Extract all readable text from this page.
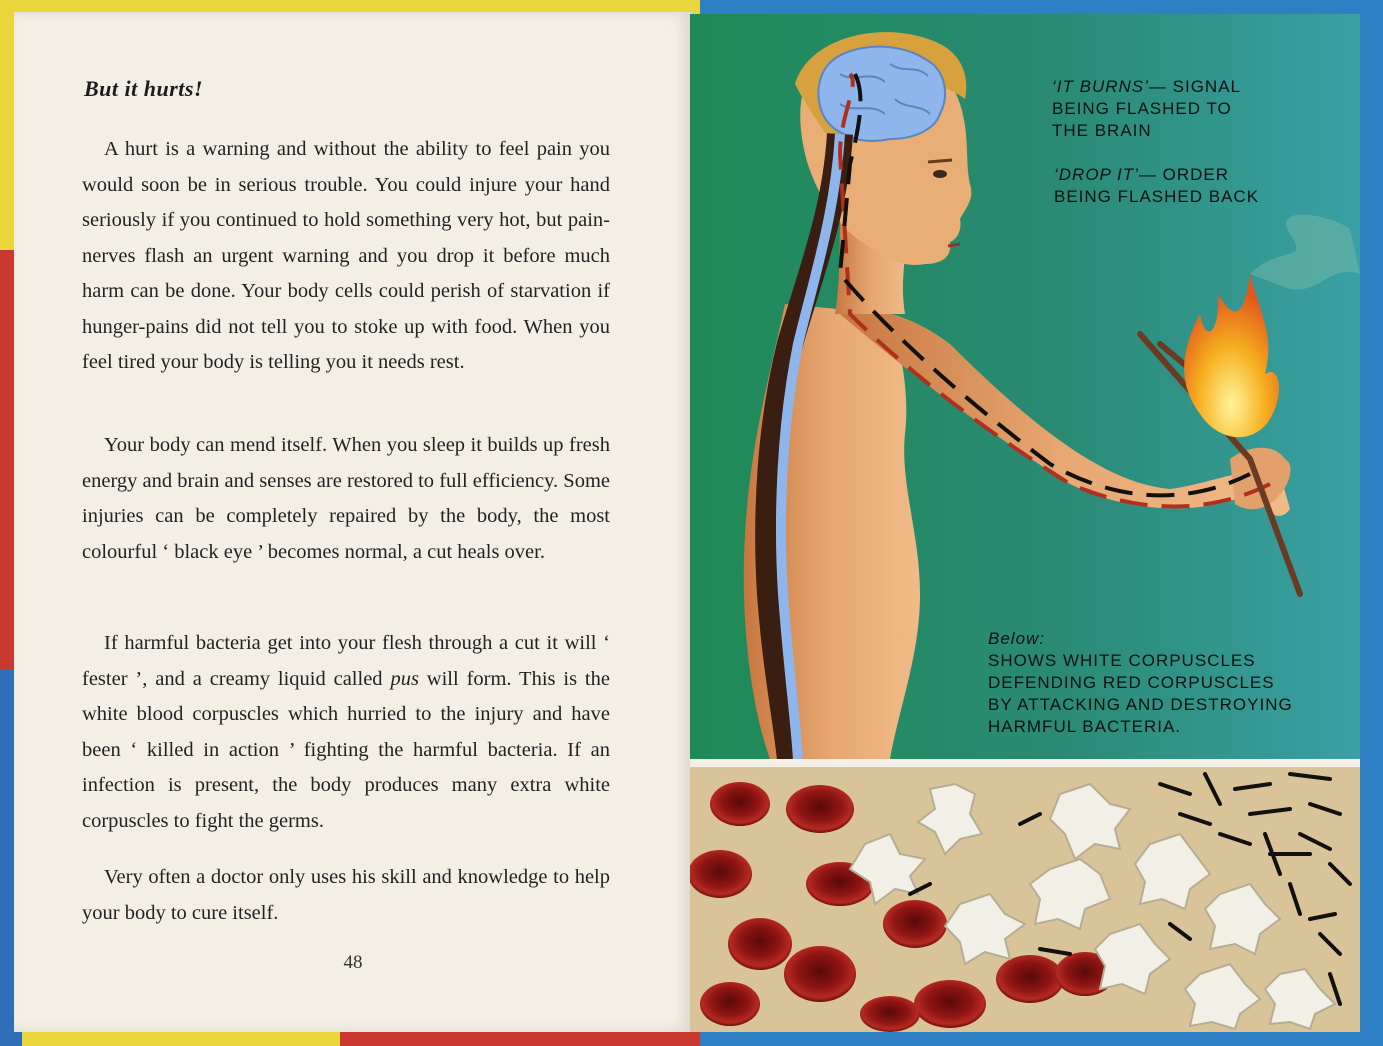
But it hurts!

A hurt is a warning and without the ability to feel pain you would soon be in serious trouble. You could injure your hand seriously if you continued to hold something very hot, but pain-nerves flash an urgent warning and you drop it before much harm can be done. Your body cells could perish of starvation if hunger-pains did not tell you to stoke up with food. When you feel tired your body is telling you it needs rest.

Your body can mend itself. When you sleep it builds up fresh energy and brain and senses are restored to full efficiency. Some injuries can be completely repaired by the body, the most colourful ‘ black eye ’ becomes normal, a cut heals over.

If harmful bacteria get into your flesh through a cut it will ‘ fester ’, and a creamy liquid called pus will form. This is the white blood corpuscles which hurried to the injury and have been ‘ killed in action ’ fighting the harmful bacteria. If an infection is present, the body produces many extra white corpuscles to fight the germs.

Very often a doctor only uses his skill and knowledge to help your body to cure itself.

48
‘IT BURNS’— SIGNAL
BEING FLASHED TO
THE BRAIN
‘DROP IT’— ORDER
BEING FLASHED BACK
Below:
SHOWS WHITE CORPUSCLES
DEFENDING RED CORPUSCLES
BY ATTACKING AND DESTROYING
HARMFUL BACTERIA.
